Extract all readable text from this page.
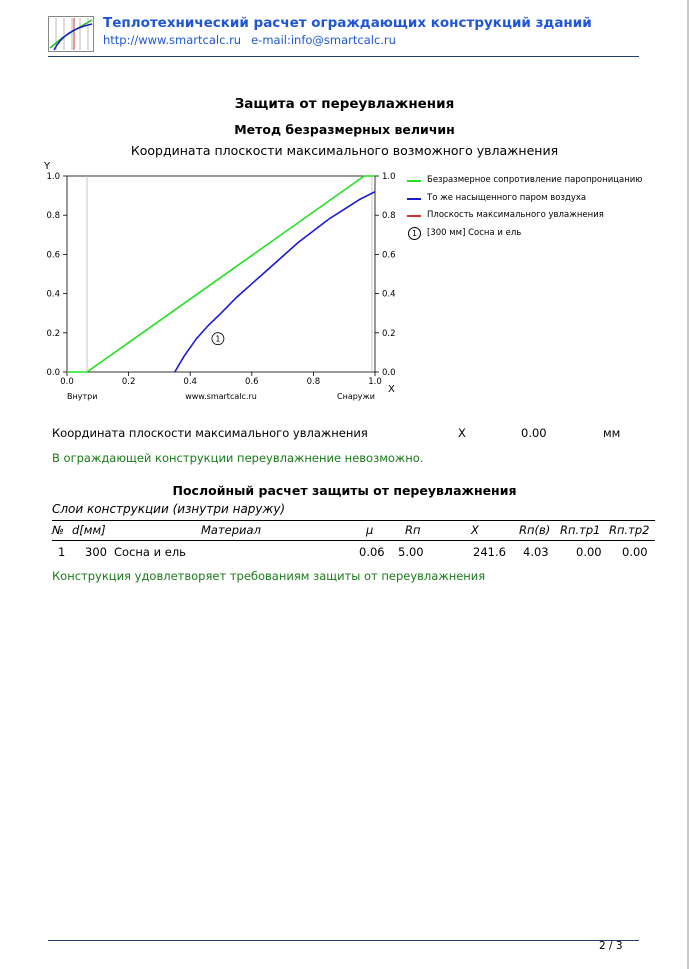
Теплотехнический расчет ограждающих конструкций зданий
http://www.smartcalc.ru e-mail:info@smartcalc.ru
Защита от переувлажнения
Метод безразмерных величин
Координата плоскости максимального возможного увлажнения
0.0	0.0
0.2	0.2
0.4	0.4
0.6	0.6
0.8	0.8
1.0	1.0
0.0	0.2	0.4	0.6	0.8	1.0
Y
X
Внутри	www.smartcalc.ru	Снаружи
1
Безразмерное сопротивление паропроницанию
То же насыщенного паром воздуха
Плоскость максимального увлажнения
1	[300 мм] Сосна и ель
Координата плоскости максимального увлажнения	X	0.00	мм
В ограждающей конструкции переувлажнение невозможно.
Послойный расчет защиты от переувлажнения
Слои конструкции (изнутри наружу)
№ d[мм]	Материал	μ	Rп	X	Rп(в) Rп.тр1 Rп.тр2
1 300 Сосна и ель	0.06 5.00	241.6 4.03 0.00 0.00
Конструкция удовлетворяет требованиям защиты от переувлажнения
2 / 3
